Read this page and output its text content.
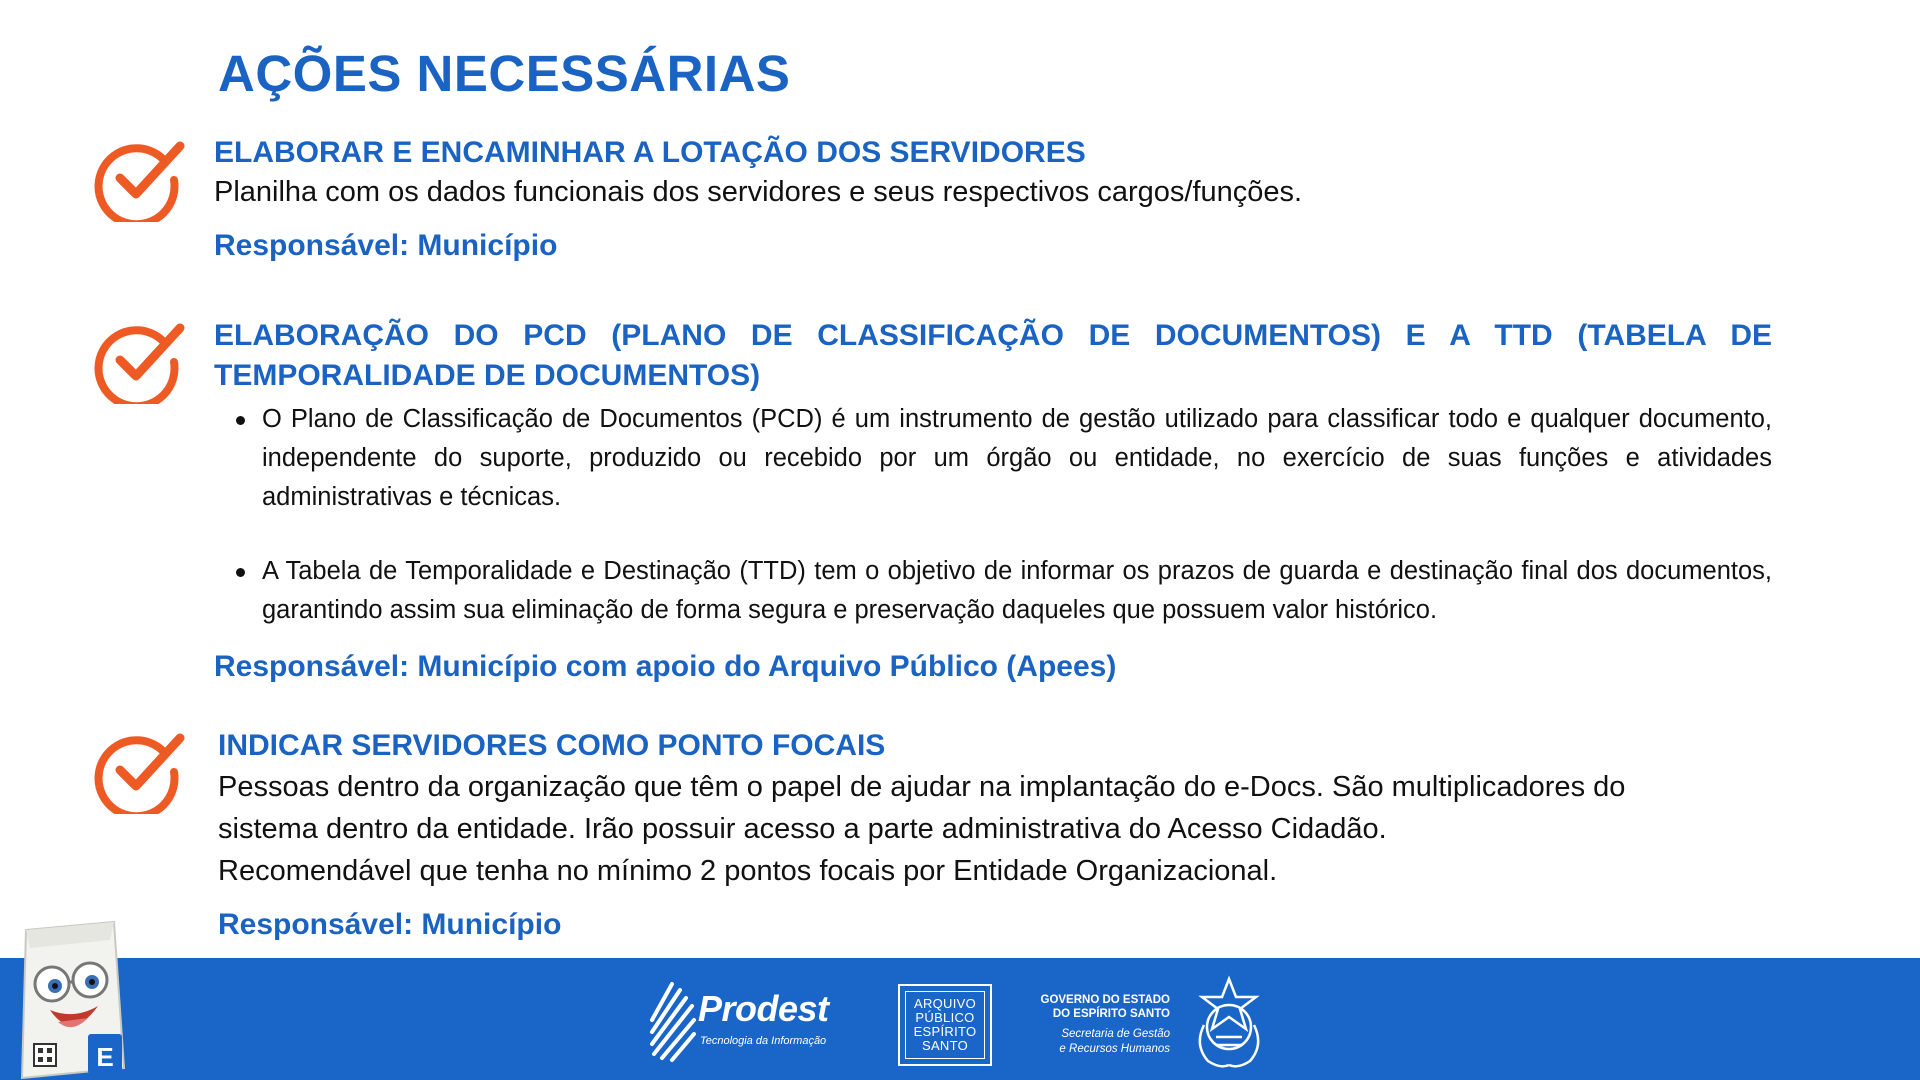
AÇÕES NECESSÁRIAS

ELABORAR E ENCAMINHAR A LOTAÇÃO DOS SERVIDORES

Planilha com os dados funcionais dos servidores e seus respectivos cargos/funções.

Responsável: Município

ELABORAÇÃO DO PCD (PLANO DE CLASSIFICAÇÃO DE DOCUMENTOS) E A TTD (TABELA DE TEMPORALIDADE DE DOCUMENTOS)

O Plano de Classificação de Documentos (PCD) é um instrumento de gestão utilizado para classificar todo e qualquer documento, independente do suporte, produzido ou recebido por um órgão ou entidade, no exercício de suas funções e atividades administrativas e técnicas.
A Tabela de Temporalidade e Destinação (TTD) tem o objetivo de informar os prazos de guarda e destinação final dos documentos, garantindo assim sua eliminação de forma segura e preservação daqueles que possuem valor histórico.

Responsável: Município com apoio do Arquivo Público (Apees)

INDICAR SERVIDORES COMO PONTO FOCAIS

Pessoas dentro da organização que têm o papel de ajudar na implantação do e-Docs. São multiplicadores do

sistema dentro da entidade. Irão possuir acesso a parte administrativa do Acesso Cidadão.

Recomendável que tenha no mínimo 2 pontos focais por Entidade Organizacional.

Responsável: Município

E
Prodest
Tecnologia da Informação
ARQUIVO
PÚBLICO
ESPÍRITO
SANTO
GOVERNO DO ESTADO
DO ESPÍRITO SANTO
Secretaria de Gestão
e Recursos Humanos
